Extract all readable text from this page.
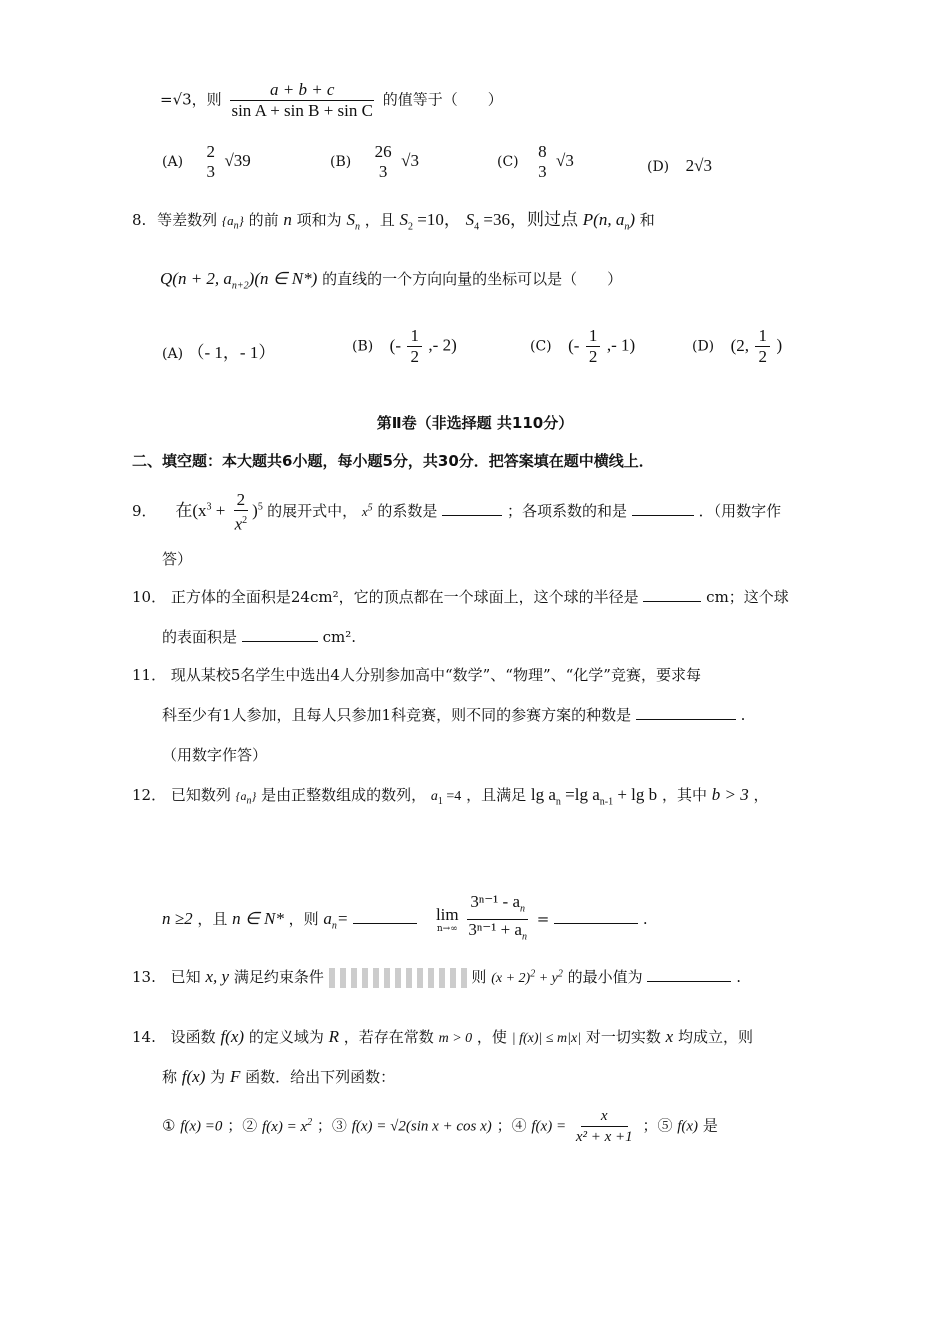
=√3，则 $\frac{a + b + c}{\text{sin A + sin B + sin C}}$ 的值等于（　　）
(A)
2
3
√39	(B)
26
3
√3	(C)
8
3
√3	(D) 2√3
8. 等差数列 $\{a_n\}$ 的前 n 项和为 $S_n$ ，且 $S_2 =10$， $S_4 =36$，则过点 P(n, $a_n$) 和
Q(n + 2, $a_{n+2})(n$ ∈ N*) 的直线的一个方向向量的坐标可以是（　　）
(A) （- 1，- 1）	(B) (- $\frac{1}{2}$ ,- 2)	(C) (- $\frac{1}{2}$ ,- 1)	(D) (2, $\frac{1}{2}$ )
第Ⅱ卷（非选择题 共110分）
二、填空题：本大题共6小题，每小题5分，共30分．把答案填在题中横线上．
9． 在$(x^3 + \frac{2}{x^2} )^5$ 的展开式中， $x^5$ 的系数是	；各项系数的和是	．（用数字作
答）
10． 正方体的全面积是24cm²，它的顶点都在一个球面上，这个球的半径是	cm；这个球
的表面积是	cm².
11． 现从某校5名学生中选出4人分别参加高中“数学”、“物理”、“化学”竞赛，要求每
科至少有1人参加，且每人只参加1科竞赛，则不同的参赛方案的种数是	.
（用数字作答）
12． 已知数列 $\{a_n\}$ 是由正整数组成的数列， $a_1 =4$ ，且满足 $\lg a_n =\lg$ $a_{n-1} + \lg b$ ，其中 b > 3 ，
n ≥2 ，且 n ∈ N* ，则 $a_n=$	lim
n→∞
$\frac{3^{n-1} - a_n}{3^{n-1} + a_n}$ =	.
13. 已知 x, y 满足约束条件	则 $(x + 2)^2 + y^2$ 的最小值为	.
14. 设函数 f(x) 的定义域为 R ，若存在常数 m > 0 ，使 | f(x)| ≤ m|x| 对一切实数 x 均成立，则
称 f(x) 为 F 函数．给出下列函数：
① f(x) =0 ；② $f(x) = x^2$ ；③ f(x) = √2(sin x + cos x) ；④ $f(x) = \frac{x}{\text{x² + x +1}}$ ；⑤ f(x) 是
